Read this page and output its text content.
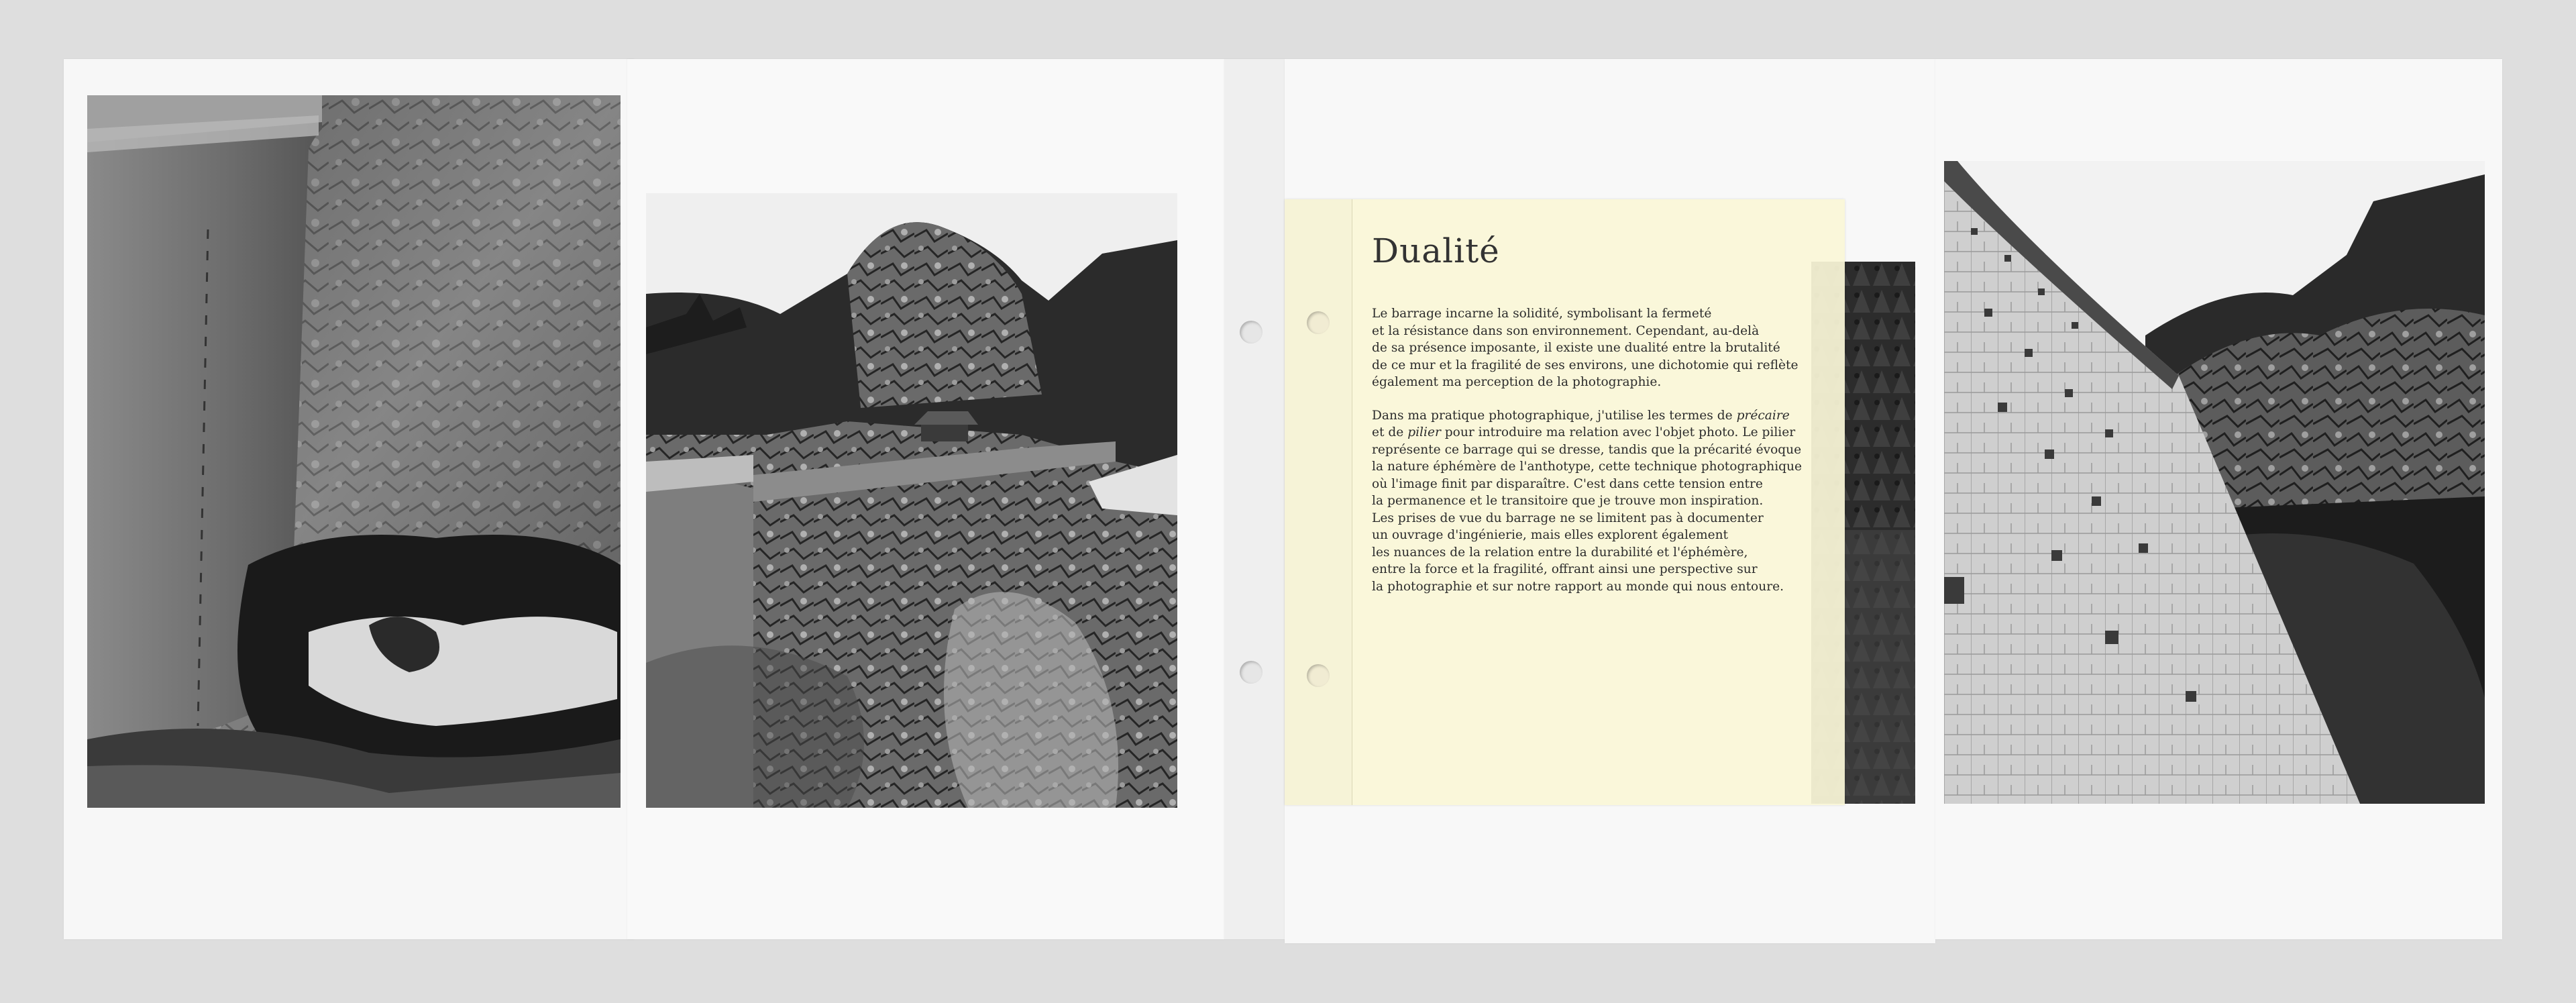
Dualité

Le barrage incarne la solidité, symbolisant la fermeté
et la résistance dans son environnement. Cependant, au-delà
de sa présence imposante, il existe une dualité entre la brutalité
de ce mur et la fragilité de ses environs, une dichotomie qui reflète
également ma perception de la photographie.

Dans ma pratique photographique, j'utilise les termes de précaire
et de pilier pour introduire ma relation avec l'objet photo. Le pilier
représente ce barrage qui se dresse, tandis que la précarité évoque
la nature éphémère de l'anthotype, cette technique photographique
où l'image finit par disparaître. C'est dans cette tension entre
la permanence et le transitoire que je trouve mon inspiration.
Les prises de vue du barrage ne se limitent pas à documenter
un ouvrage d'ingénierie, mais elles explorent également
les nuances de la relation entre la durabilité et l'éphémère,
entre la force et la fragilité, offrant ainsi une perspective sur
la photographie et sur notre rapport au monde qui nous entoure.
